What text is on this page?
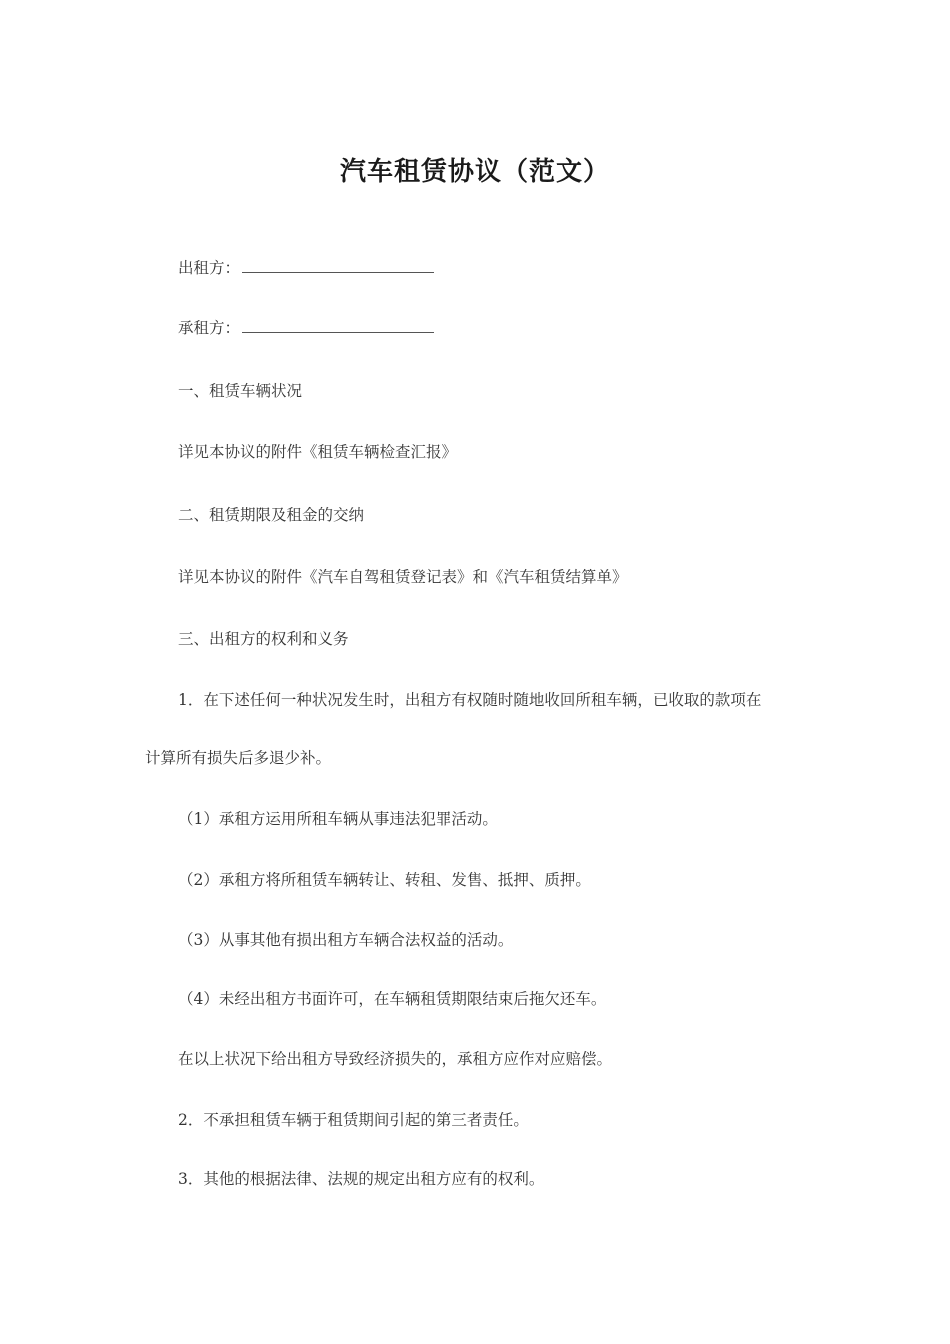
汽车租赁协议（范文）
出租方：
承租方：
一、租赁车辆状况
详见本协议的附件《租赁车辆检查汇报》
二、租赁期限及租金的交纳
详见本协议的附件《汽车自驾租赁登记表》和《汽车租赁结算单》
三、出租方的权利和义务
1．在下述任何一种状况发生时，出租方有权随时随地收回所租车辆，已收取的款项在
计算所有损失后多退少补。
（1）承租方运用所租车辆从事违法犯罪活动。
（2）承租方将所租赁车辆转让、转租、发售、抵押、质押。
（3）从事其他有损出租方车辆合法权益的活动。
（4）未经出租方书面许可，在车辆租赁期限结束后拖欠还车。
在以上状况下给出租方导致经济损失的，承租方应作对应赔偿。
2．不承担租赁车辆于租赁期间引起的第三者责任。
3．其他的根据法律、法规的规定出租方应有的权利。
